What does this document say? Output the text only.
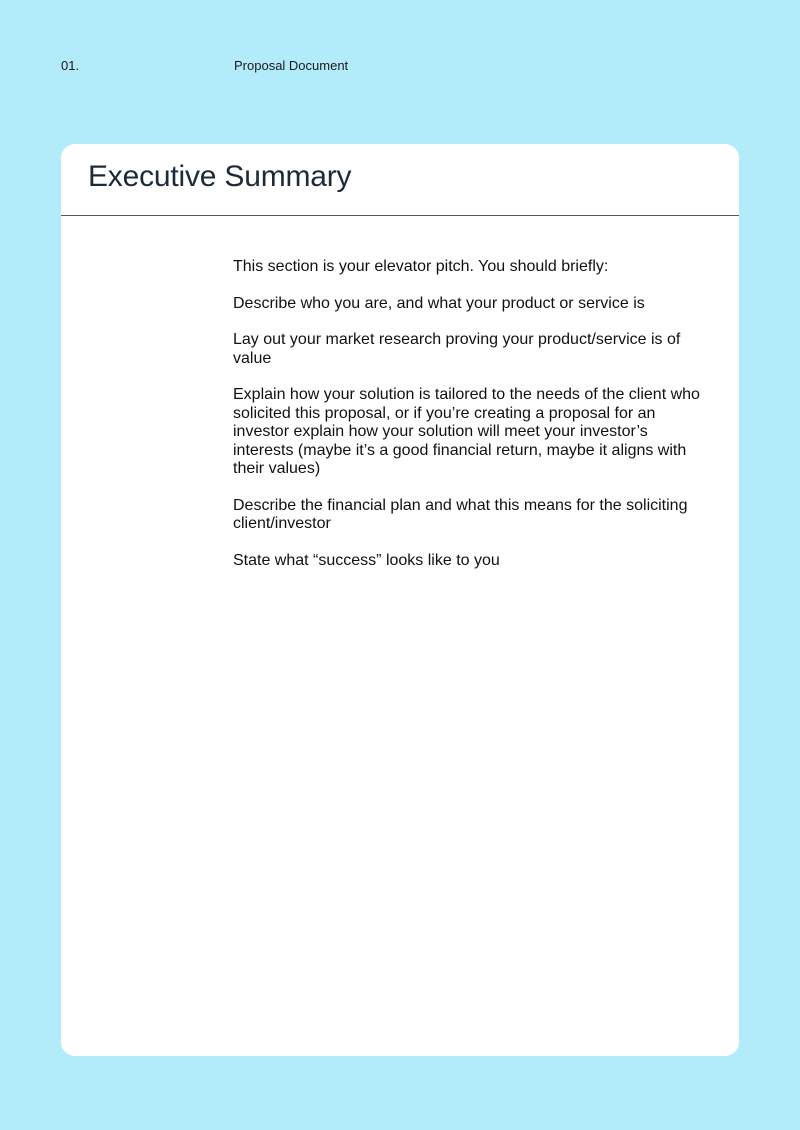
01.	Proposal Document
Executive Summary

This section is your elevator pitch. You should briefly:

Describe who you are, and what your product or service is

Lay out your market research proving your product/service is of value

Explain how your solution is tailored to the needs of the client who solicited this proposal, or if you’re creating a proposal for an investor explain how your solution will meet your investor’s interests (maybe it’s a good financial return, maybe it aligns with their values)

Describe the financial plan and what this means for the soliciting client/investor

State what “success” looks like to you
